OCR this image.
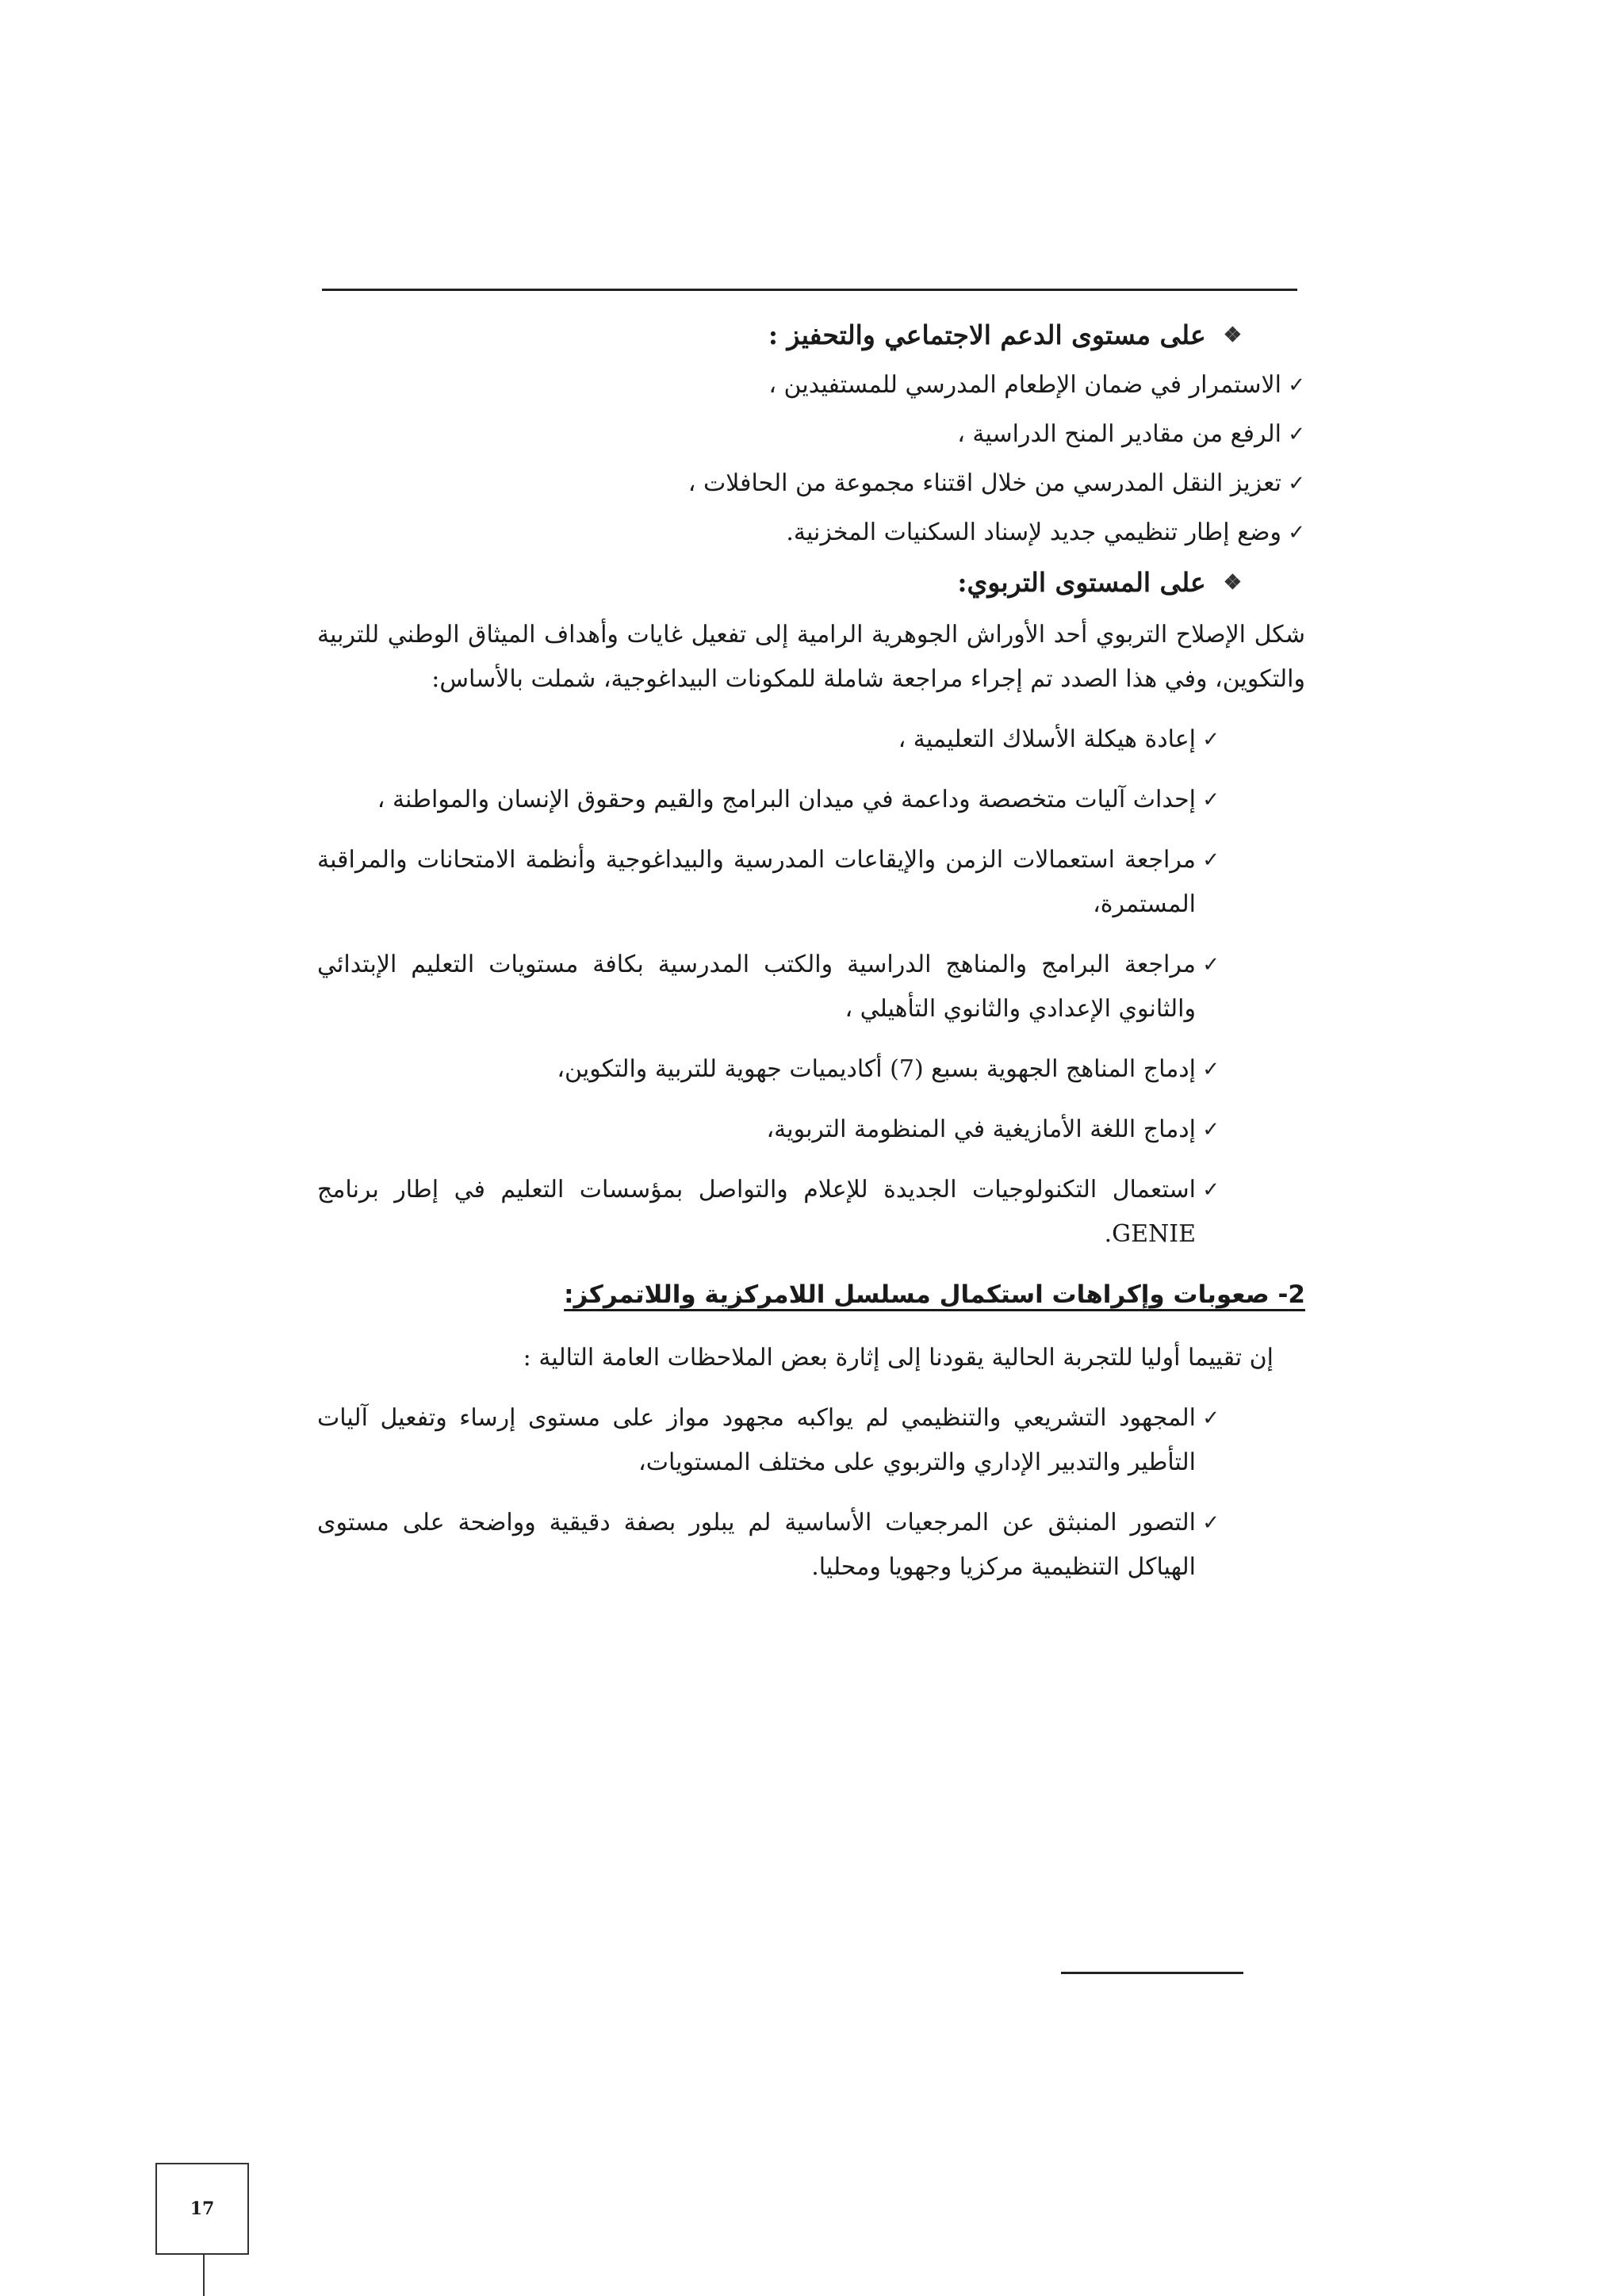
❖
على مستوى الدعم الاجتماعي والتحفيز :
✓
الاستمرار في ضمان الإطعام المدرسي للمستفيدين ،
✓
الرفع من مقادير المنح الدراسية ،
✓
تعزيز النقل المدرسي من خلال اقتناء مجموعة من الحافلات ،
✓
وضع إطار تنظيمي جديد لإسناد السكنيات المخزنية.
❖
على المستوى التربوي:

شكل الإصلاح التربوي أحد الأوراش الجوهرية الرامية إلى تفعيل غايات وأهداف الميثاق الوطني للتربية والتكوين، وفي هذا الصدد تم إجراء مراجعة شاملة للمكونات البيداغوجية، شملت بالأساس:

✓
إعادة هيكلة الأسلاك التعليمية ،
✓
إحداث آليات متخصصة وداعمة في ميدان البرامج والقيم وحقوق الإنسان والمواطنة ،
✓
مراجعة استعمالات الزمن والإيقاعات المدرسية والبيداغوجية وأنظمة الامتحانات والمراقبة المستمرة،
✓
مراجعة البرامج والمناهج الدراسية والكتب المدرسية بكافة مستويات التعليم الإبتدائي والثانوي الإعدادي والثانوي التأهيلي ،
✓
إدماج المناهج الجهوية بسبع (7) أكاديميات جهوية للتربية والتكوين،
✓
إدماج اللغة الأمازيغية في المنظومة التربوية،
✓
استعمال التكنولوجيات الجديدة للإعلام والتواصل بمؤسسات التعليم في إطار برنامج GENIE.
2- صعوبات وإكراهات استكمال مسلسل اللامركزية واللاتمركز:

إن تقييما أوليا للتجربة الحالية يقودنا إلى إثارة بعض الملاحظات العامة التالية :

✓
المجهود التشريعي والتنظيمي لم يواكبه مجهود مواز على مستوى إرساء وتفعيل آليات التأطير والتدبير الإداري والتربوي على مختلف المستويات،
✓
التصور المنبثق عن المرجعيات الأساسية لم يبلور بصفة دقيقية وواضحة على مستوى الهياكل التنظيمية مركزيا وجهويا ومحليا.
17
